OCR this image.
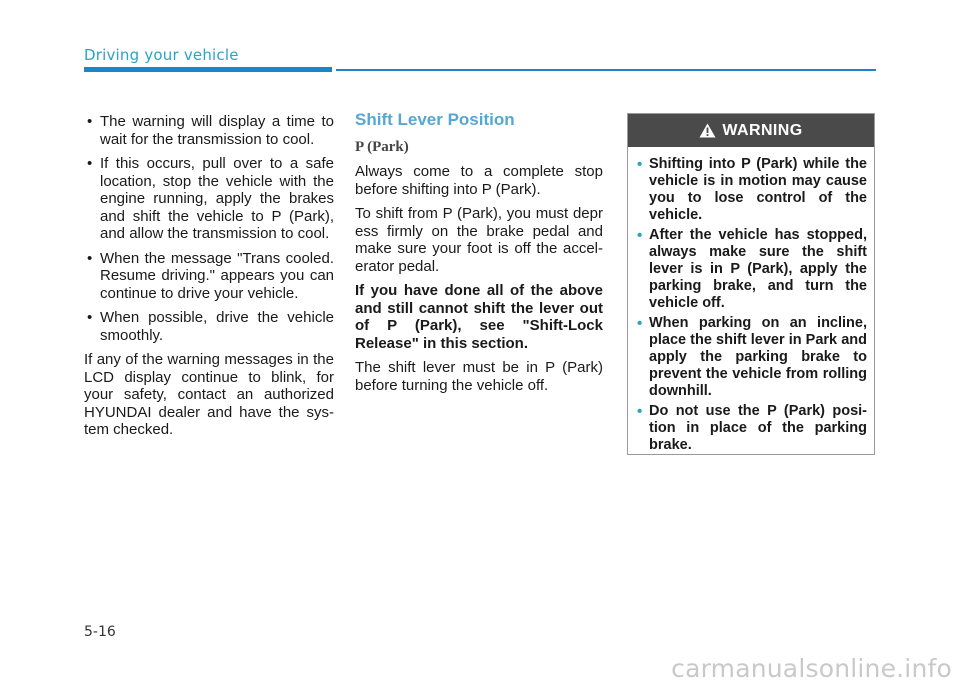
Driving your vehicle
• The warning will display a time to wait for the transmission to cool.
• If this occurs, pull over to a safe location, stop the vehicle with the engine running, apply the brakes and shift the vehicle to P (Park), and allow the transmission to cool.
• When the message "Trans cooled. Resume driving." appears you can continue to drive your vehicle.
• When possible, drive the vehicle smoothly.

If any of the warning messages in the LCD display continue to blink, for your safety, contact an authorized HYUNDAI dealer and have the sys-tem checked.

Shift Lever Position
P (Park)

Always come to a complete stop before shifting into P (Park).

To shift from P (Park), you must depr ess firmly on the brake pedal and make sure your foot is off the accel-erator pedal.

If you have done all of the above and still cannot shift the lever out of P (Park), see "Shift-Lock Release" in this section.

The shift lever must be in P (Park) before turning the vehicle off.

WARNING
• Shifting into P (Park) while the vehicle is in motion may cause you to lose control of the vehicle.
• After the vehicle has stopped, always make sure the shift lever is in P (Park), apply the parking brake, and turn the vehicle off.
• When parking on an incline, place the shift lever in Park and apply the parking brake to prevent the vehicle from rolling downhill.
• Do not use the P (Park) posi-tion in place of the parking brake.
5-16
carmanualsonline.info
